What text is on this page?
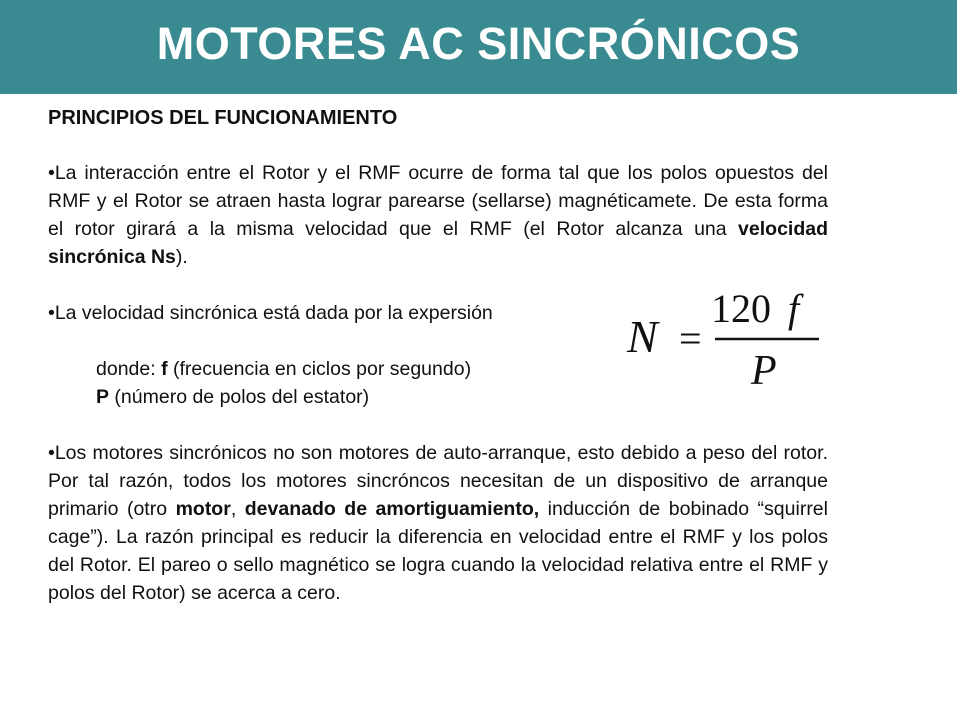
MOTORES AC SINCRÓNICOS
PRINCIPIOS DEL FUNCIONAMIENTO

•La interacción entre el Rotor y el RMF ocurre de forma tal que los polos opuestos del RMF y el Rotor se atraen hasta lograr parearse (sellarse) magnéticamete. De esta forma el rotor girará a la misma velocidad que el RMF (el Rotor alcanza una velocidad sincrónica Ns).

•La velocidad sincrónica está dada por la expersión

donde: f (frecuencia en ciclos por segundo)

P (número de polos del estator)

•Los motores sincrónicos no son motores de auto-arranque, esto debido a peso del rotor. Por tal razón, todos los motores sincróncos necesitan de un dispositivo de arranque primario (otro motor, devanado de amortiguamiento, inducción de bobinado “squirrel cage”). La razón principal es reducir la diferencia en velocidad entre el RMF y los polos del Rotor. El pareo o sello magnético se logra cuando la velocidad relativa entre el RMF y polos del Rotor) se acerca a cero.

N =
120 f
P
